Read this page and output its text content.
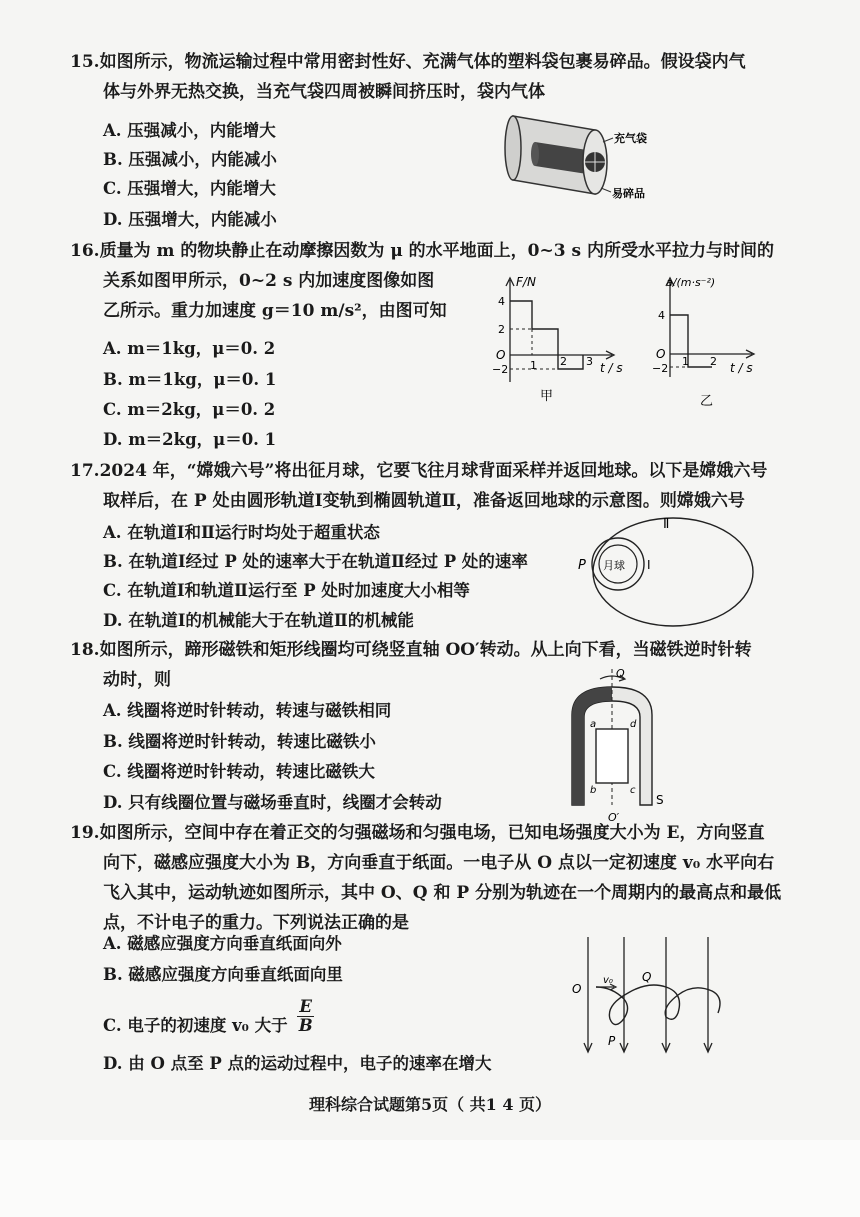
15.如图所示，物流运输过程中常用密封性好、充满气体的塑料袋包裹易碎品。假设袋内气
体与外界无热交换，当充气袋四周被瞬间挤压时，袋内气体
A. 压强减小，内能增大
B. 压强减小，内能减小
C. 压强增大，内能增大
D. 压强增大，内能减小
充气袋
易碎品
16.质量为 m 的物块静止在动摩擦因数为 μ 的水平地面上，0~3 s 内所受水平拉力与时间的
关系如图甲所示，0~2 s 内加速度图像如图
乙所示。重力加速度 g＝10 m/s²，由图可知
A. m＝1kg，μ＝0. 2
B. m＝1kg，μ＝0. 1
C. m＝2kg，μ＝0. 2
D. m＝2kg，μ＝0. 1
F/N
4
2
O
−2 1 2 3 t / s
甲
a/(m·s⁻²)
4
O
−2
1 2 t / s
乙
17.2024 年，“嫦娥六号”将出征月球，它要飞往月球背面采样并返回地球。以下是嫦娥六号
取样后，在 P 处由圆形轨道Ⅰ变轨到椭圆轨道Ⅱ，准备返回地球的示意图。则嫦娥六号
A. 在轨道Ⅰ和Ⅱ运行时均处于超重状态
B. 在轨道Ⅰ经过 P 处的速率大于在轨道Ⅱ经过 P 处的速率
C. 在轨道Ⅰ和轨道Ⅱ运行至 P 处时加速度大小相等
D. 在轨道Ⅰ的机械能大于在轨道Ⅱ的机械能
月球
P	Ⅰ
Ⅱ
18.如图所示，蹄形磁铁和矩形线圈均可绕竖直轴 OO′转动。从上向下看，当磁铁逆时针转
动时，则
A. 线圈将逆时针转动，转速与磁铁相同
B. 线圈将逆时针转动，转速比磁铁小
C. 线圈将逆时针转动，转速比磁铁大
D. 只有线圈位置与磁场垂直时，线圈才会转动
O
O′
a	d
b	c
S
19.如图所示，空间中存在着正交的匀强磁场和匀强电场，已知电场强度大小为 E，方向竖直
向下，磁感应强度大小为 B，方向垂直于纸面。一电子从 O 点以一定初速度 v₀ 水平向右
飞入其中，运动轨迹如图所示，其中 O、Q 和 P 分别为轨迹在一个周期内的最高点和最低
点，不计电子的重力。下列说法正确的是
A. 磁感应强度方向垂直纸面向外
B. 磁感应强度方向垂直纸面向里
C. 电子的初速度 v₀ 大于 $\frac{E}{B}$
D. 由 O 点至 P 点的运动过程中，电子的速率在增大
O
v₀ Q
P
理科综合试题第5页（ 共1 4 页）
